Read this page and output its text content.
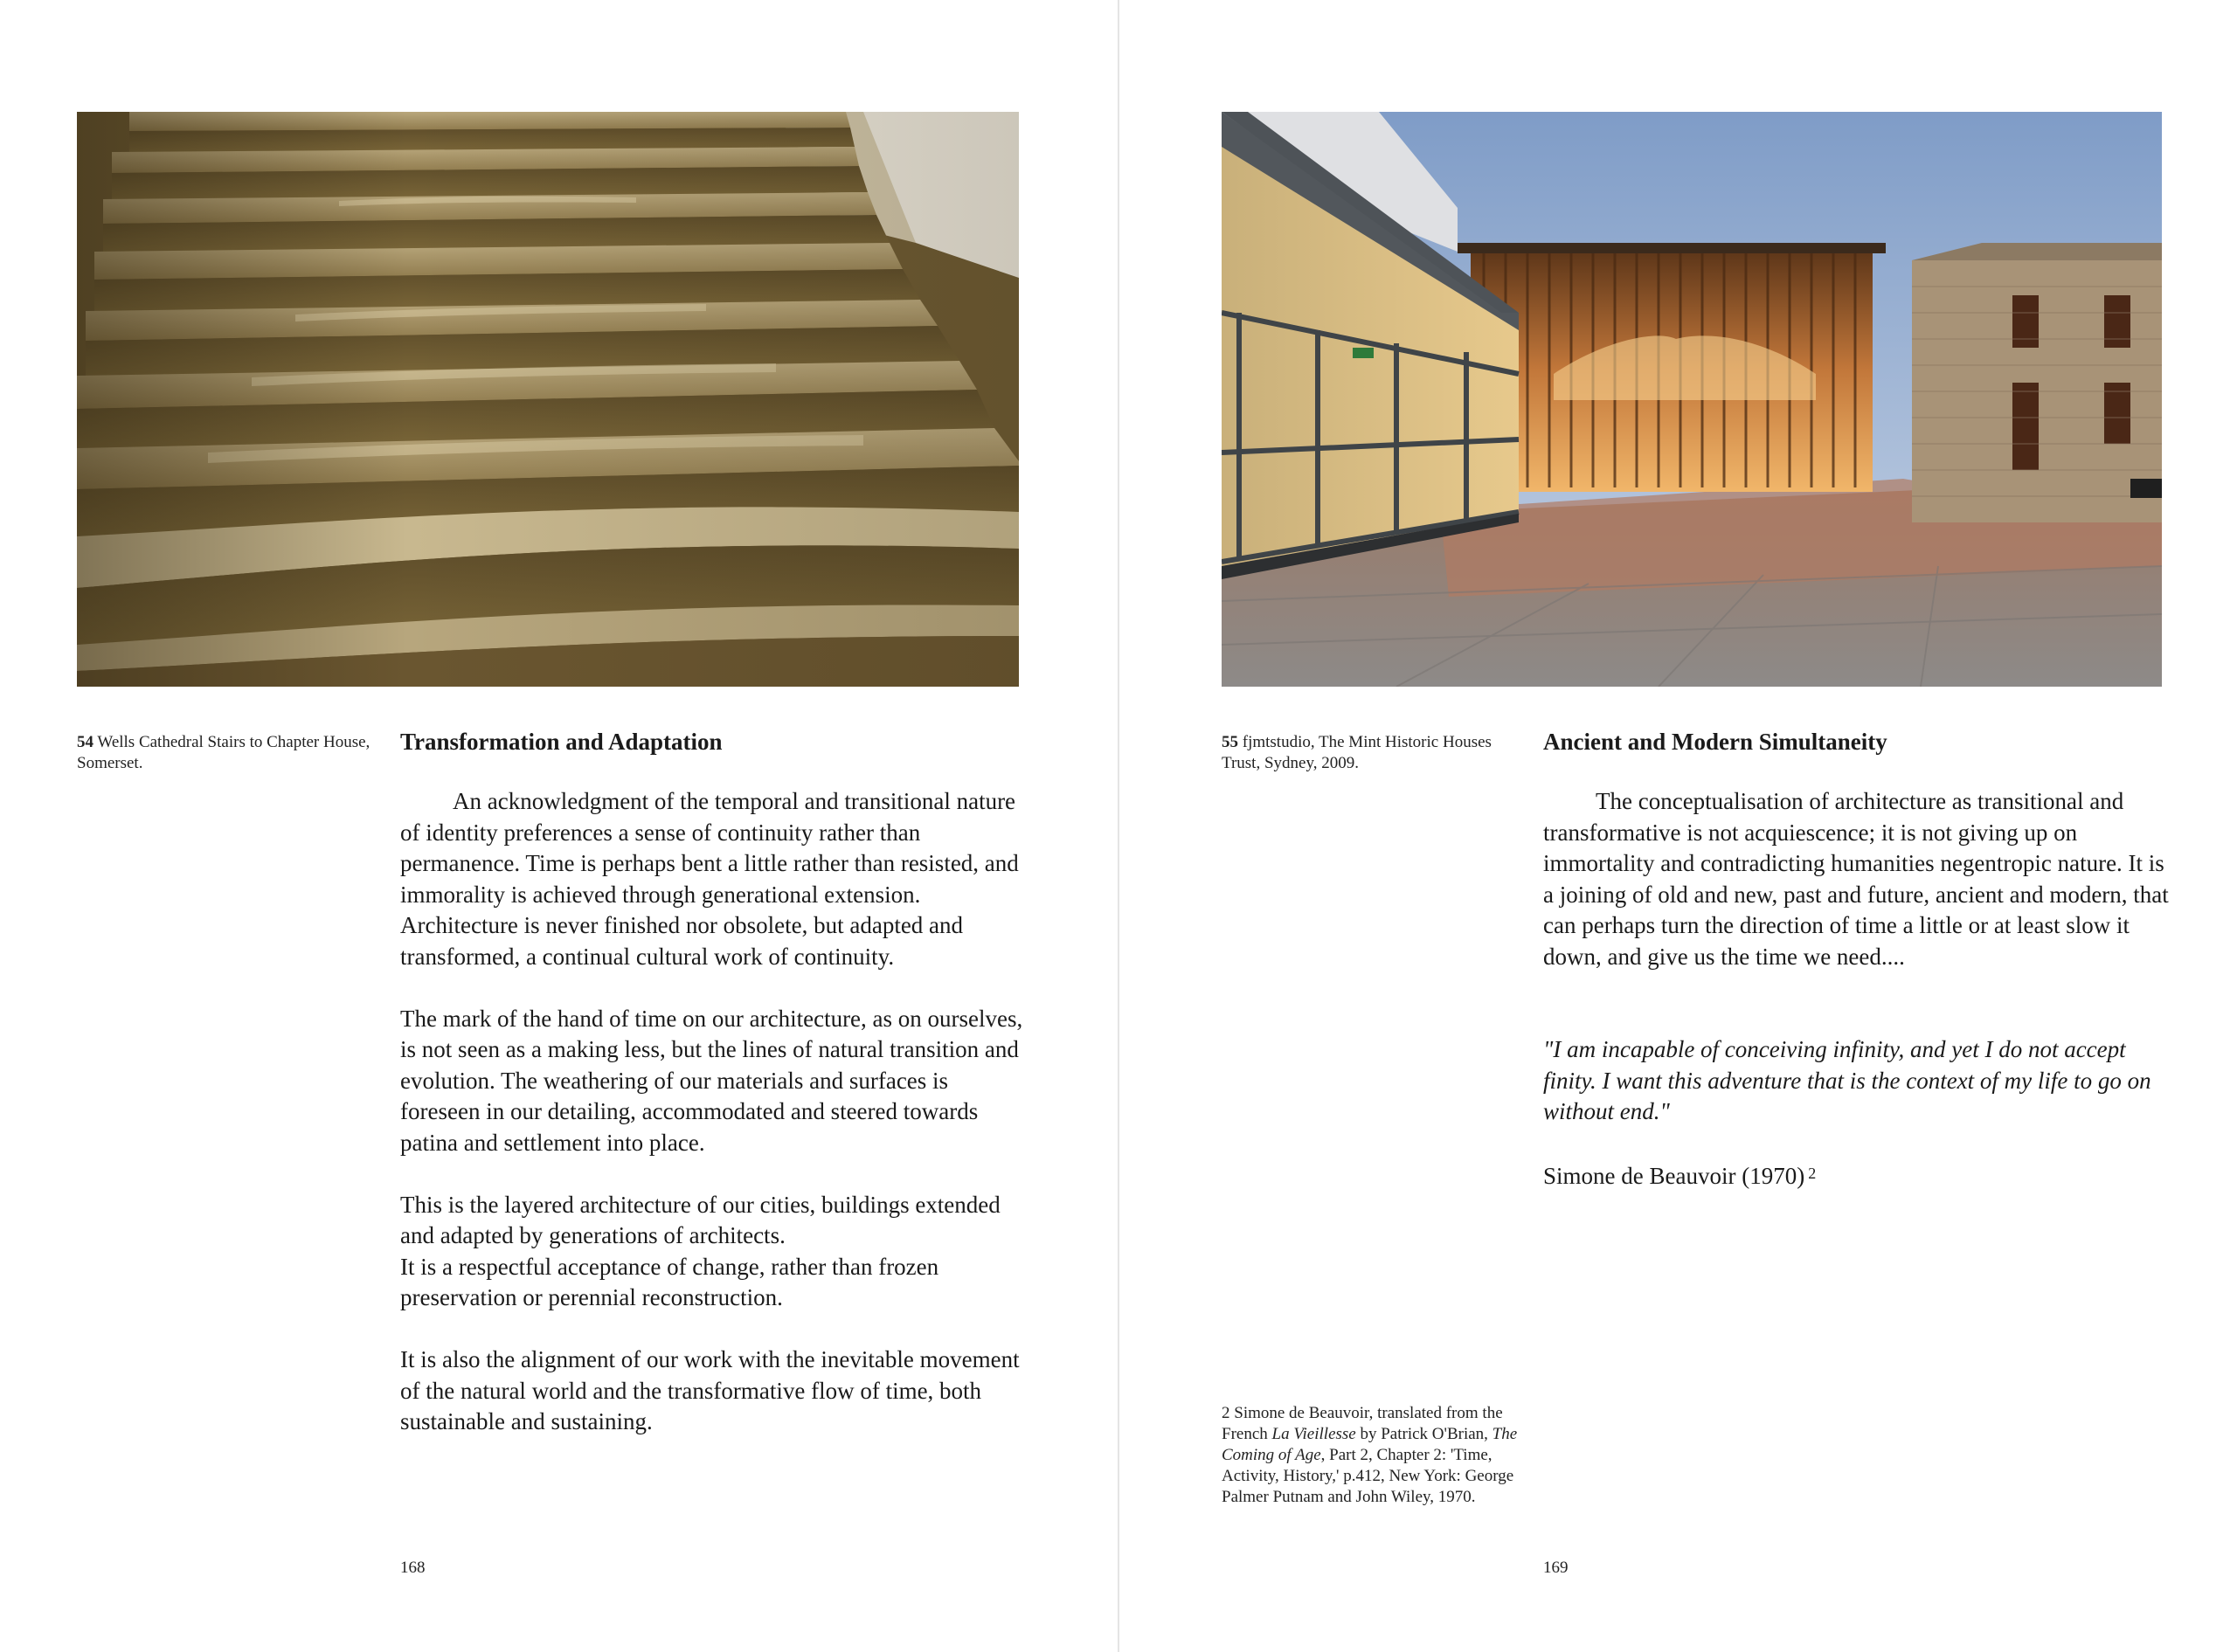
54 Wells Cathedral Stairs to Chapter House, Somerset.
Transformation and Adaptation

An acknowledgment of the temporal and transitional nature of identity preferences a sense of continuity rather than permanence. Time is perhaps bent a little rather than resisted, and immorality is achieved through generational extension. Architecture is never finished nor obsolete, but adapted and transformed, a continual cultural work of continuity.

The mark of the hand of time on our architecture, as on ourselves, is not seen as a making less, but the lines of natural transition and evolution. The weathering of our materials and surfaces is foreseen in our detailing, accommodated and steered towards patina and settlement into place.

This is the layered architecture of our cities, buildings extended and adapted by generations of architects.
It is a respectful acceptance of change, rather than frozen preservation or perennial reconstruction.

It is also the alignment of our work with the inevitable movement of the natural world and the transformative flow of time, both sustainable and sustaining.

168
55 fjmtstudio, The Mint Historic Houses Trust, Sydney, 2009.
Ancient and Modern Simultaneity

The conceptualisation of architecture as transitional and transformative is not acquiescence; it is not giving up on immortality and contradicting humanities negentropic nature. It is a joining of old and new, past and future, ancient and modern, that can perhaps turn the direction of time a little or at least slow it down, and give us the time we need....

"I am incapable of conceiving infinity, and yet I do not accept finity. I want this adventure that is the context of my life to go on without end."

Simone de Beauvoir (1970) $^2$

2 Simone de Beauvoir, translated from the French La Vieillesse by Patrick O'Brian, The Coming of Age, Part 2, Chapter 2: 'Time, Activity, History,' p.412, New York: George Palmer Putnam and John Wiley, 1970.
169
